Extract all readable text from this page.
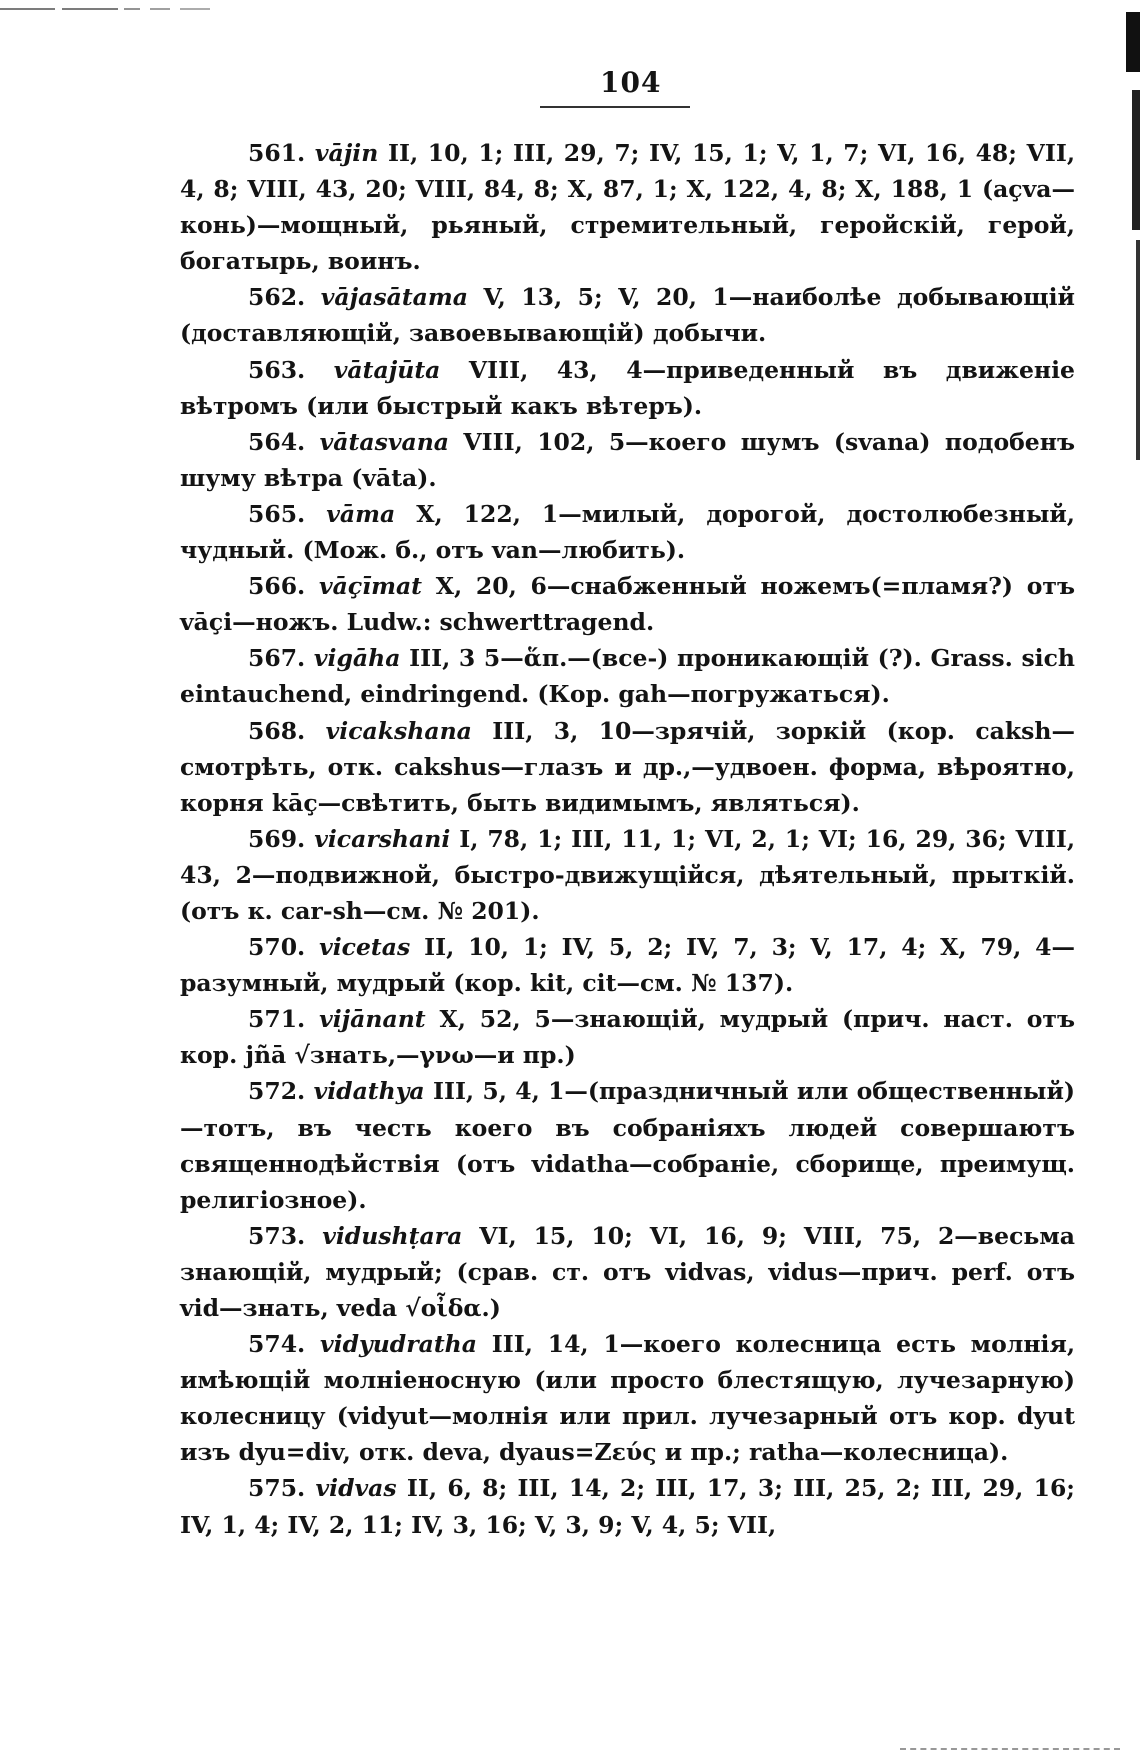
104

561. vājin II, 10, 1; III, 29, 7; IV, 15, 1; V, 1, 7; VI, 16, 48; VII, 4, 8; VIII, 43, 20; VIII, 84, 8; X, 87, 1; X, 122, 4, 8; X, 188, 1 (açva—конь)—мощный, рьяный, стремительный, геройскій, герой, богатырь, воинъ.

562. vājasātama V, 13, 5; V, 20, 1—наиболѣе добывающій (доставляющій, завоевывающій) добычи.

563. vātajūta VIII, 43, 4—приведенный въ движеніе вѣтромъ (или быстрый какъ вѣтеръ).

564. vātasvana VIII, 102, 5—коего шумъ (svana) подобенъ шуму вѣтра (vāta).

565. vāma X, 122, 1—милый, дорогой, достолюбезный, чудный. (Мож. б., отъ van—любить).

566. vāçīmat X, 20, 6—снабженный ножемъ(=пламя?) отъ vāçi—ножъ. Ludw.: schwerttragend.

567. vigāha III, 3 5—ἅπ.—(все-) проникающій (?). Grass. sich eintauchend, eindringend. (Кор. gah—погружаться).

568. vicakshana III, 3, 10—зрячій, зоркій (кор. caksh—смотрѣть, отк. cakshus—глазъ и др.,—удвоен. форма, вѣроятно, корня kāç—свѣтить, быть видимымъ, являться).

569. vicarshani I, 78, 1; III, 11, 1; VI, 2, 1; VI; 16, 29, 36; VIII, 43, 2—подвижной, быстро-движущійся, дѣятельный, прыткій. (отъ к. car-sh—см. № 201).

570. vicetas II, 10, 1; IV, 5, 2; IV, 7, 3; V, 17, 4; X, 79, 4—разумный, мудрый (кор. kit, cit—см. № 137).

571. vijānant X, 52, 5—знающій, мудрый (прич. наст. отъ кор. jñā √знать,—γνω—и пр.)

572. vidathya III, 5, 4, 1—(праздничный или общественный)—тотъ, въ честь коего въ собраніяхъ людей совершаютъ священнодѣйствія (отъ vidatha—собраніе, сборище, преимущ. религіозное).

573. vidushṭara VI, 15, 10; VI, 16, 9; VIII, 75, 2—весьма знающій, мудрый; (срав. ст. отъ vidvas, vidus—прич. perf. отъ vid—знать, veda √οἶδα.)

574. vidyudratha III, 14, 1—коего колесница есть молнія, имѣющій молніеносную (или просто блестящую, лучезарную) колесницу (vidyut—молнія или прил. лучезарный отъ кор. dyut изъ dyu=div, отк. deva, dyaus=Ζεύς и пр.; ratha—колесница).

575. vidvas II, 6, 8; III, 14, 2; III, 17, 3; III, 25, 2; III, 29, 16; IV, 1, 4; IV, 2, 11; IV, 3, 16; V, 3, 9; V, 4, 5; VII,
